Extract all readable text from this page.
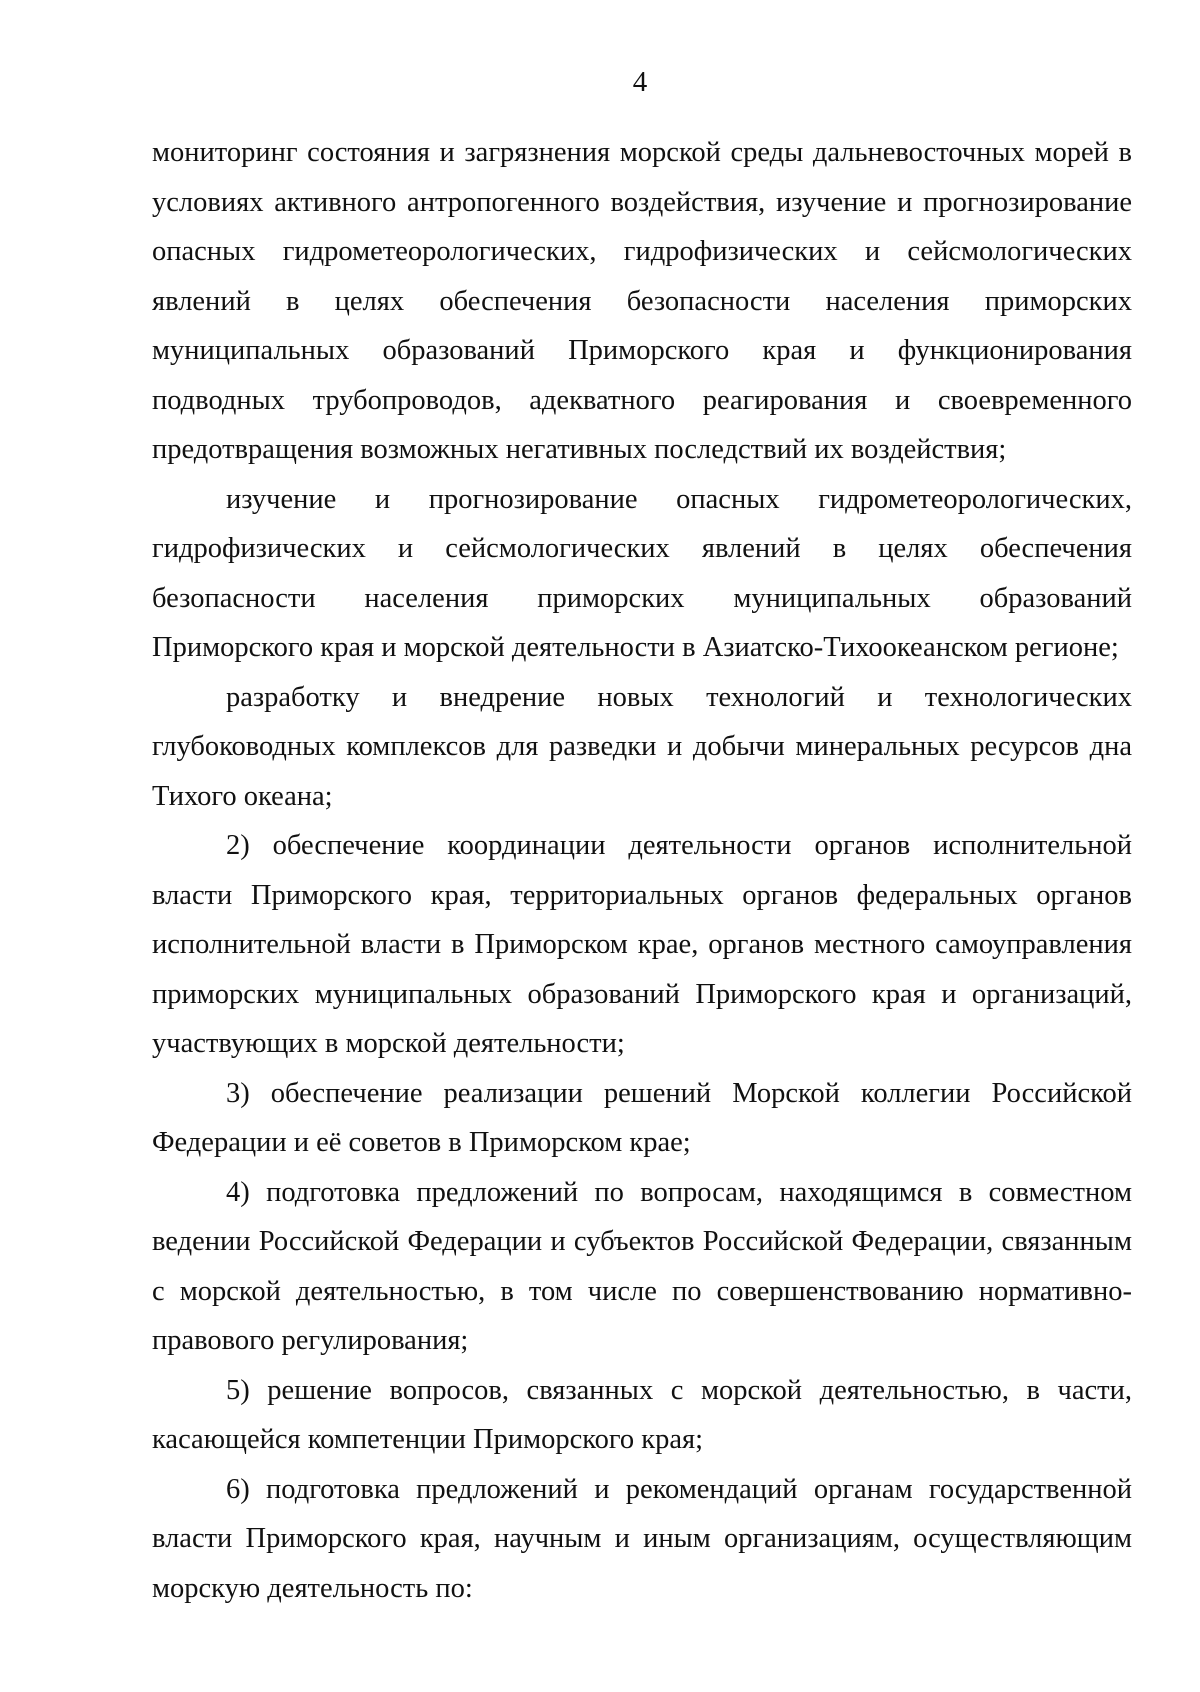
4

мониторинг состояния и загрязнения морской среды дальневосточных морей в условиях активного антропогенного воздействия, изучение и прогнозирование опасных гидрометеорологических, гидрофизических и сейсмологических явлений в целях обеспечения безопасности населения приморских муниципальных образований Приморского края и функционирования подводных трубопроводов, адекватного реагирования и своевременного предотвращения возможных негативных последствий их воздействия;

изучение и прогнозирование опасных гидрометеорологических, гидрофизических и сейсмологических явлений в целях обеспечения безопасности населения приморских муниципальных образований Приморского края и морской деятельности в Азиатско-Тихоокеанском регионе;

разработку и внедрение новых технологий и технологических глубоководных комплексов для разведки и добычи минеральных ресурсов дна Тихого океана;

2) обеспечение координации деятельности органов исполнительной власти Приморского края, территориальных органов федеральных органов исполнительной власти в Приморском крае, органов местного самоуправления приморских муниципальных образований Приморского края и организаций, участвующих в морской деятельности;

3) обеспечение реализации решений Морской коллегии Российской Федерации и её советов в Приморском крае;

4) подготовка предложений по вопросам, находящимся в совместном ведении Российской Федерации и субъектов Российской Федерации, связанным с морской деятельностью, в том числе по совершенствованию нормативно-правового регулирования;

5) решение вопросов, связанных с морской деятельностью, в части, касающейся компетенции Приморского края;

6) подготовка предложений и рекомендаций органам государственной власти Приморского края, научным и иным организациям, осуществляющим морскую деятельность по:
